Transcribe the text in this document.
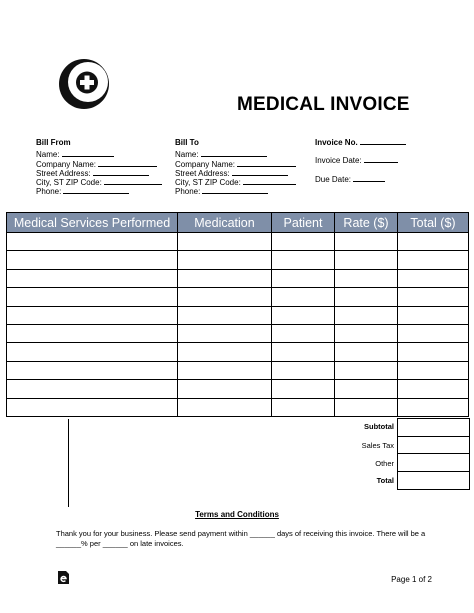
MEDICAL INVOICE
Bill From
Name:
Company Name:
Street Address:
City, ST ZIP Code:
Phone:
Bill To
Name:
Company Name:
Street Address:
City, ST ZIP Code:
Phone:
Invoice No.
Invoice Date:
Due Date:
Medical Services Performed	Medication	Patient	Rate ($)	Total ($)

Subtotal
Sales Tax
Other
Total
Terms and Conditions
Thank you for your business. Please send payment within ______ days of receiving this invoice. There will be a ______% per ______ on late invoices.
Page 1 of 2
